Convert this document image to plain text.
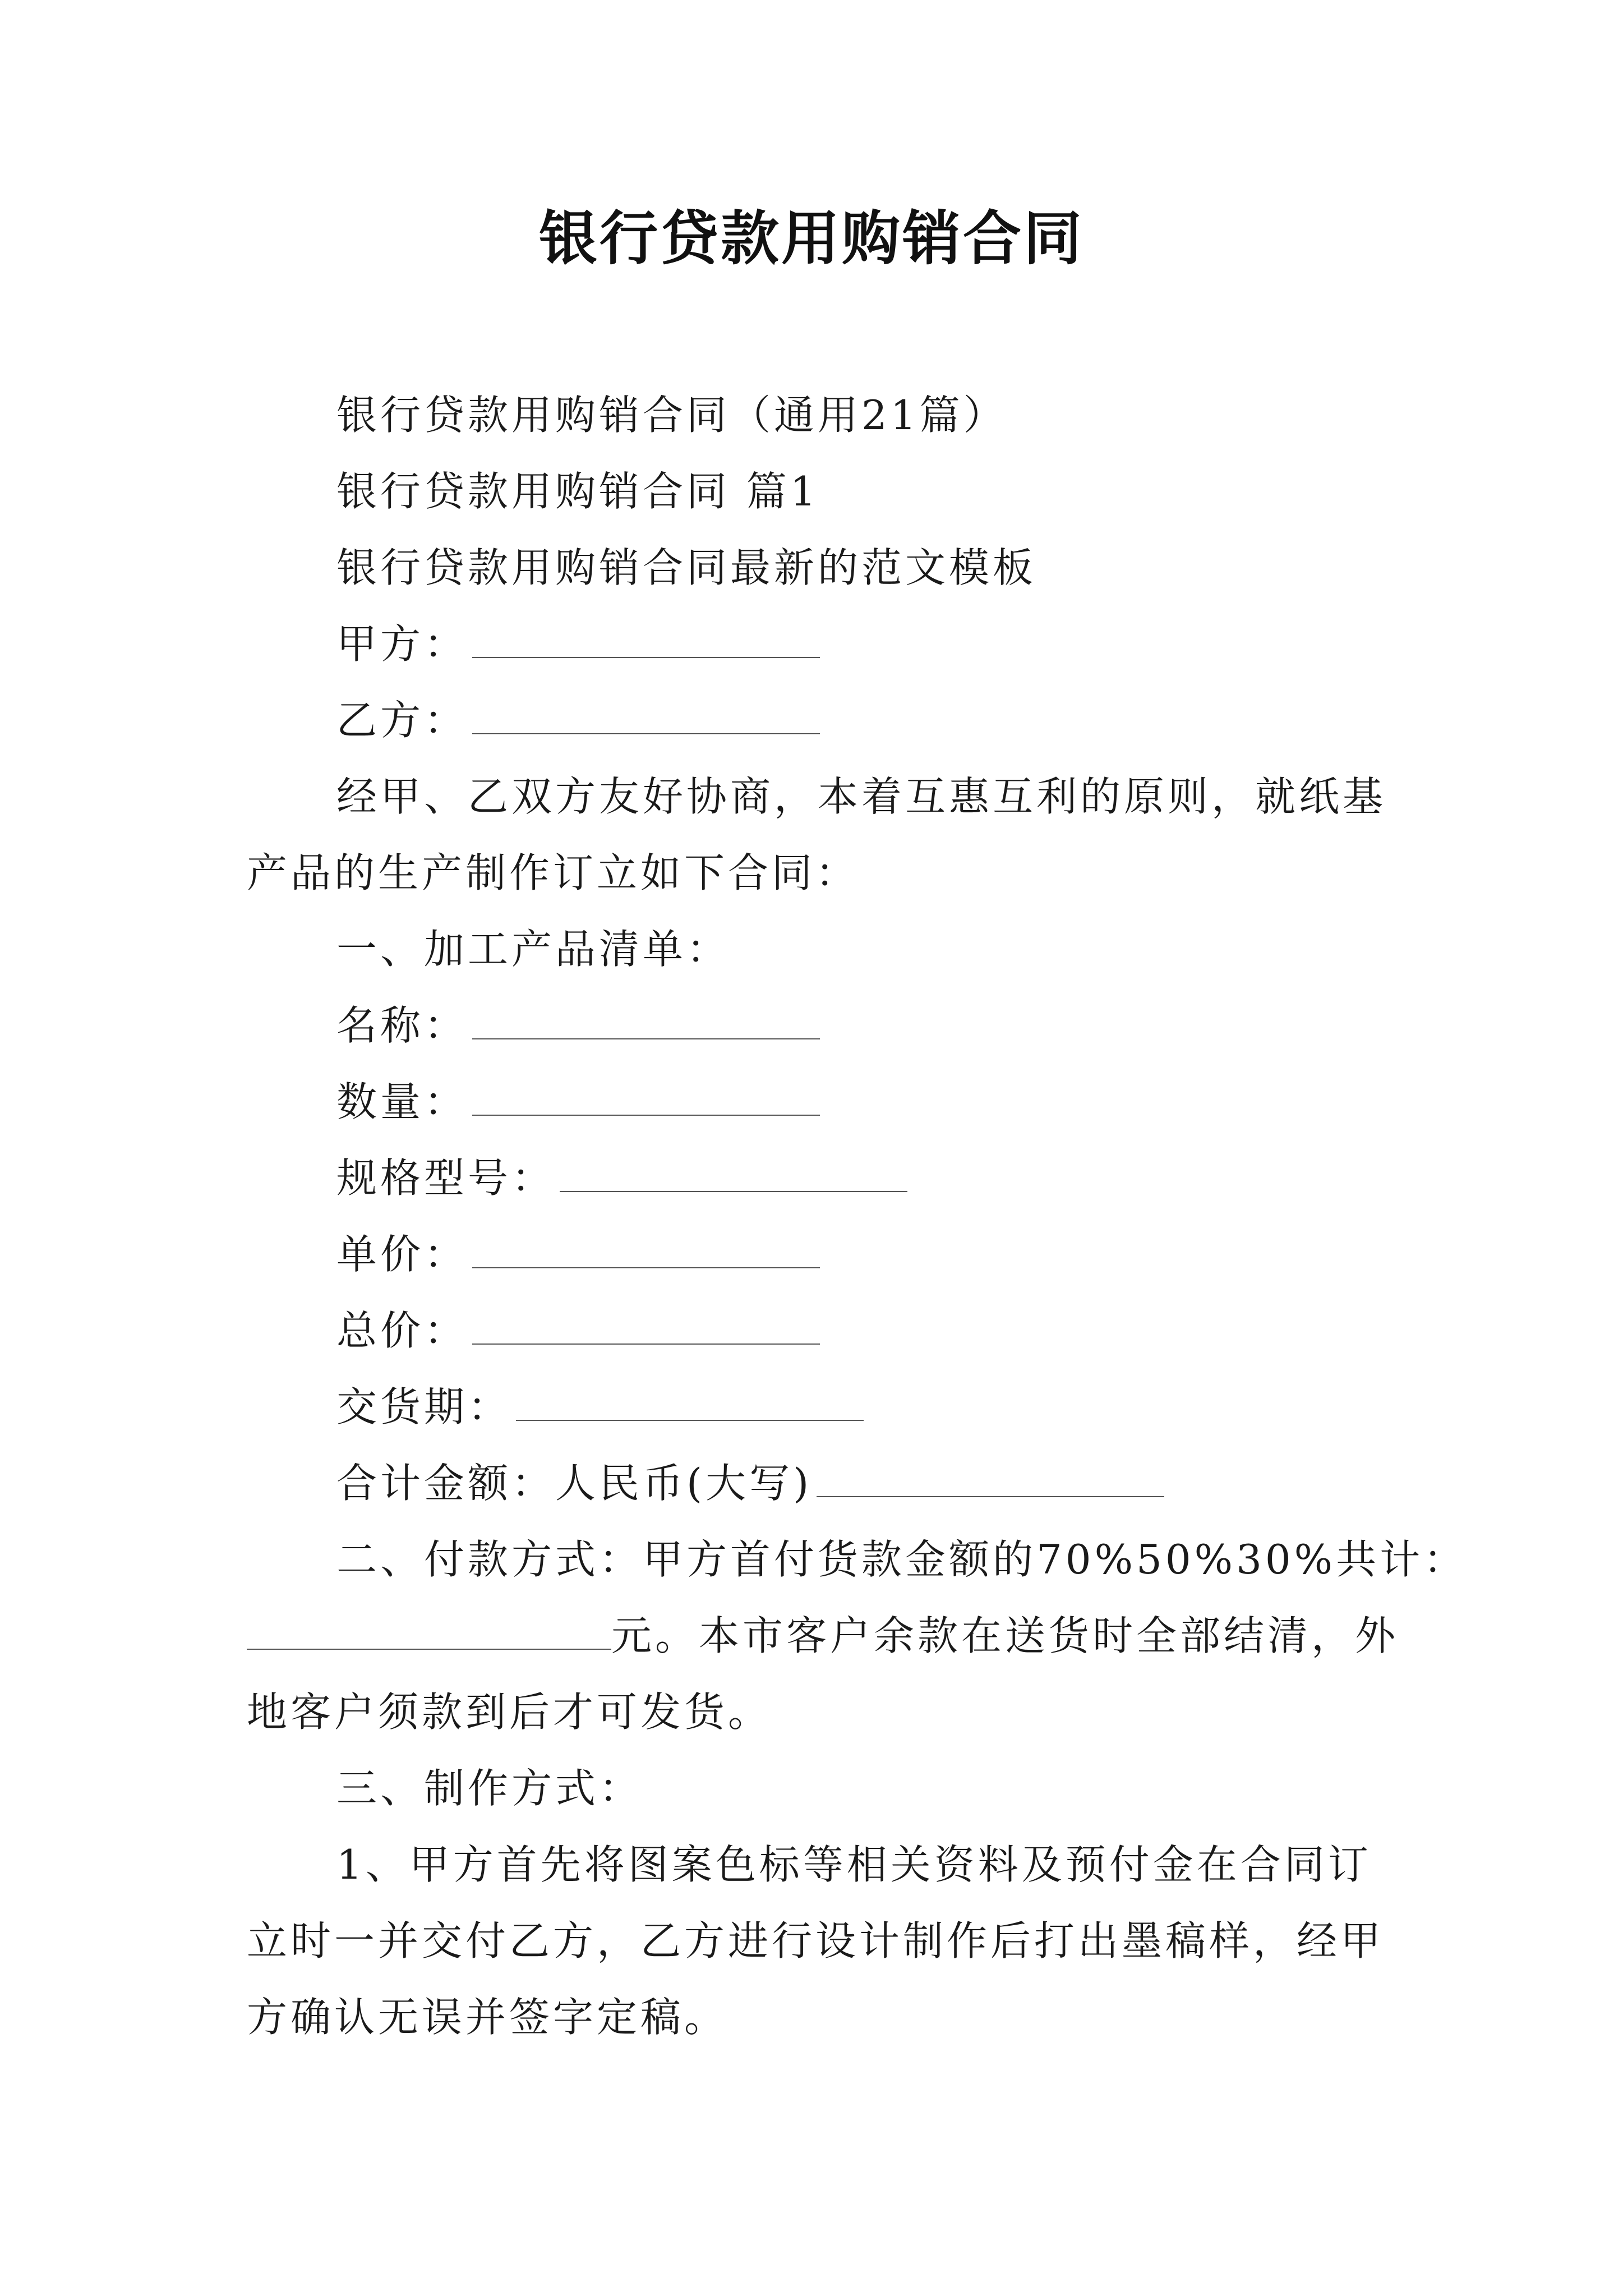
银行贷款用购销合同
银行贷款用购销合同（通用21篇）
银行贷款用购销合同 篇1
银行贷款用购销合同最新的范文模板
甲方：
乙方：
经甲、乙双方友好协商，本着互惠互利的原则，就纸基
产品的生产制作订立如下合同：
一、加工产品清单：
名称：
数量：
规格型号：
单价：
总价：
交货期：
合计金额：人民币(大写)
二、付款方式：甲方首付货款金额的70%50%30%共计：
元。本市客户余款在送货时全部结清，外
地客户须款到后才可发货。
三、制作方式：
1、甲方首先将图案色标等相关资料及预付金在合同订
立时一并交付乙方，乙方进行设计制作后打出墨稿样，经甲
方确认无误并签字定稿。
